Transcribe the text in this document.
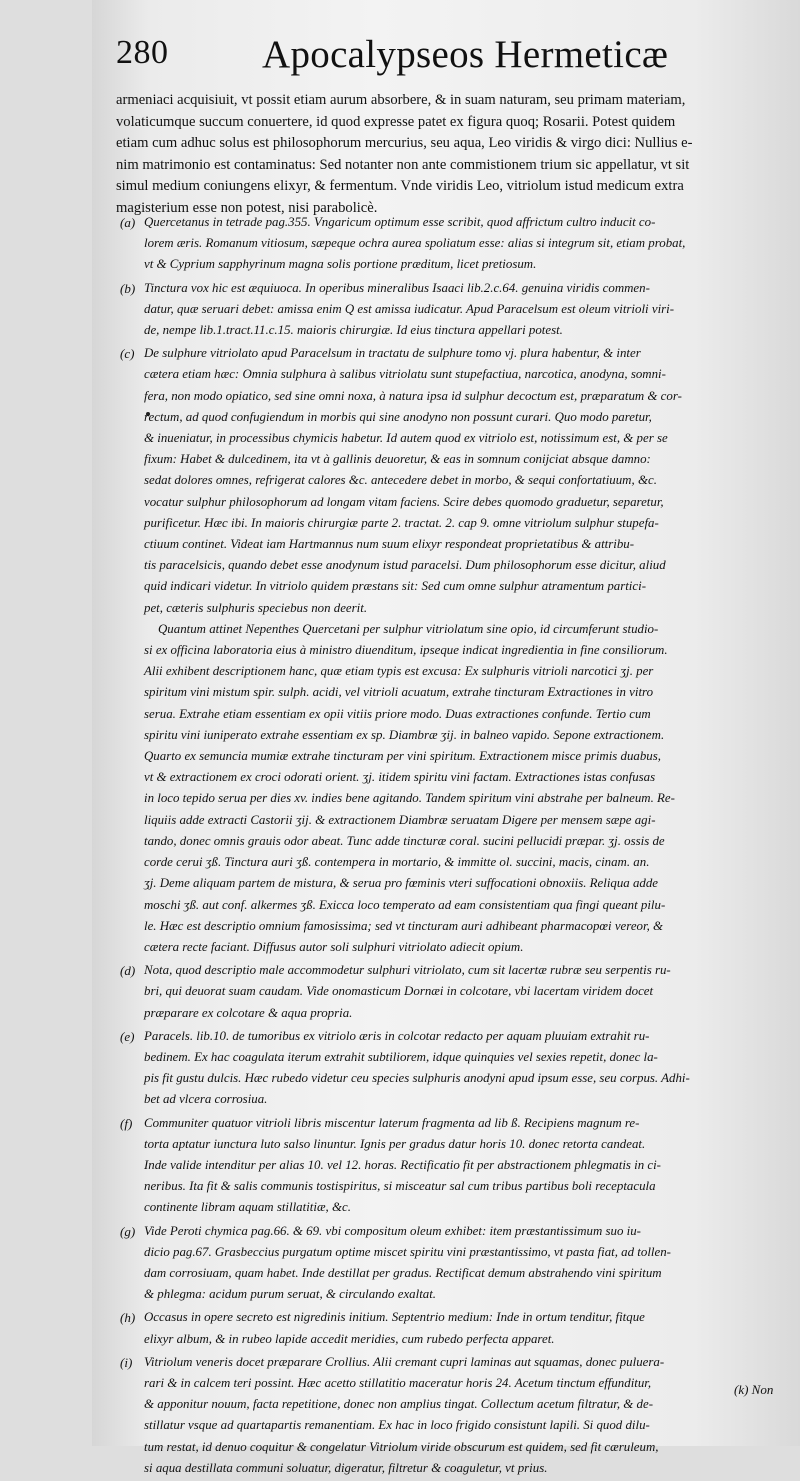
280 Apocalypseos Hermeticæ
armeniaci acquisiuit, vt possit etiam aurum absorbere, & in suam naturam, seu primam materiam,
volaticumque succum conuertere, id quod expresse patet ex figura quoq; Rosarii. Potest quidem
etiam cum adhuc solus est philosophorum mercurius, seu aqua, Leo viridis & virgo dici: Nullius e-
nim matrimonio est contaminatus: Sed notanter non ante commistionem trium sic appellatur, vt sit
simul medium coniungens elixyr, & fermentum. Vnde viridis Leo, vitriolum istud medicum extra
magisterium esse non potest, nisi parabolicè.
(a) Quercetanus in tetrade pag.355. Vngaricum optimum esse scribit, quod affrictum cultro inducit co-
lorem æris. Romanum vitiosum, sæpeque ochra aurea spoliatum esse: alias si integrum sit, etiam probat,
vt & Cyprium sapphyrinum magna solis portione præditum, licet pretiosum.
(b) Tinctura vox hic est æquiuoca. In operibus mineralibus Isaaci lib.2.c.64. genuina viridis commen-
datur, quæ seruari debet: amissa enim Q est amissa iudicatur. Apud Paracelsum est oleum vitrioli viri-
de, nempe lib.1.tract.11.c.15. maioris chirurgiæ. Id eius tinctura appellari potest.
(c) De sulphure vitriolato apud Paracelsum in tractatu de sulphure tomo vj. plura habentur, & inter
cætera etiam hæc: Omnia sulphura à salibus vitriolatu sunt stupefactiua, narcotica, anodyna, somni-
fera, non modo opiatico, sed sine omni noxa, à natura ipsa id sulphur decoctum est, præparatum & cor-
rectum, ad quod confugiendum in morbis qui sine anodyno non possunt curari. Quo modo paretur,
& inueniatur, in processibus chymicis habetur. Id autem quod ex vitriolo est, notissimum est, & per se
fixum: Habet & dulcedinem, ita vt à gallinis deuoretur, & eas in somnum conijciat absque damno:
sedat dolores omnes, refrigerat calores &c. antecedere debet in morbo, & sequi confortatiuum, &c.
vocatur sulphur philosophorum ad longam vitam faciens. Scire debes quomodo graduetur, separetur,
purificetur. Hæc ibi. In maioris chirurgiæ parte 2. tractat. 2. cap 9. omne vitriolum sulphur stupefa-
ctiuum continet. Videat iam Hartmannus num suum elixyr respondeat proprietatibus & attribu-
tis paracelsicis, quando debet esse anodynum istud paracelsi. Dum philosophorum esse dicitur, aliud
quid indicari videtur. In vitriolo quidem præstans sit: Sed cum omne sulphur atramentum partici-
pet, cæteris sulphuris speciebus non deerit.
Quantum attinet Nepenthes Quercetani per sulphur vitriolatum sine opio, id circumferunt studio-
si ex officina laboratoria eius à ministro diuenditum, ipseque indicat ingredientia in fine consiliorum.
Alii exhibent descriptionem hanc, quæ etiam typis est excusa: Ex sulphuris vitrioli narcotici ʒj. per
spiritum vini mistum spir. sulph. acidi, vel vitrioli acuatum, extrahe tincturam Extractiones in vitro
serua. Extrahe etiam essentiam ex opii vitiis priore modo. Duas extractiones confunde. Tertio cum
spiritu vini iuniperato extrahe essentiam ex sp. Diambræ ʒij. in balneo vapido. Sepone extractionem.
Quarto ex semuncia mumiæ extrahe tincturam per vini spiritum. Extractionem misce primis duabus,
vt & extractionem ex croci odorati orient. ʒj. itidem spiritu vini factam. Extractiones istas confusas
in loco tepido serua per dies xv. indies bene agitando. Tandem spiritum vini abstrahe per balneum. Re-
liquiis adde extracti Castorii ʒij. & extractionem Diambræ seruatam Digere per mensem sæpe agi-
tando, donec omnis grauis odor abeat. Tunc adde tincturæ coral. sucini pellucidi præpar. ʒj. ossis de
corde cerui ʒß. Tinctura auri ʒß. contempera in mortario, & immitte ol. succini, macis, cinam. an.
ʒj. Deme aliquam partem de mistura, & serua pro fœminis vteri suffocationi obnoxiis. Reliqua adde
moschi ʒß. aut conf. alkermes ʒß. Exicca loco temperato ad eam consistentiam qua fingi queant pilu-
le. Hæc est descriptio omnium famosissima; sed vt tincturam auri adhibeant pharmacopœi vereor, &
cætera recte faciant. Diffusus autor soli sulphuri vitriolato adiecit opium.
(d) Nota, quod descriptio male accommodetur sulphuri vitriolato, cum sit lacertæ rubræ seu serpentis ru-
bri, qui deuorat suam caudam. Vide onomasticum Dornæi in colcotare, vbi lacertam viridem docet
præparare ex colcotare & aqua propria.
(e) Paracels. lib.10. de tumoribus ex vitriolo æris in colcotar redacto per aquam pluuiam extrahit ru-
bedinem. Ex hac coagulata iterum extrahit subtiliorem, idque quinquies vel sexies repetit, donec la-
pis fit gustu dulcis. Hæc rubedo videtur ceu species sulphuris anodyni apud ipsum esse, seu corpus. Adhi-
bet ad vlcera corrosiua.
(f) Communiter quatuor vitrioli libris miscentur laterum fragmenta ad lib ß. Recipiens magnum re-
torta aptatur iunctura luto salso linuntur. Ignis per gradus datur horis 10. donec retorta candeat.
Inde valide intenditur per alias 10. vel 12. horas. Rectificatio fit per abstractionem phlegmatis in ci-
neribus. Ita fit & salis communis tostispiritus, si misceatur sal cum tribus partibus boli receptacula
continente libram aquam stillatitiæ, &c.
(g) Vide Peroti chymica pag.66. & 69. vbi compositum oleum exhibet: item præstantissimum suo iu-
dicio pag.67. Grasbeccius purgatum optime miscet spiritu vini præstantissimo, vt pasta fiat, ad tollen-
dam corrosiuam, quam habet. Inde destillat per gradus. Rectificat demum abstrahendo vini spiritum
& phlegma: acidum purum seruat, & circulando exaltat.
(h) Occasus in opere secreto est nigredinis initium. Septentrio medium: Inde in ortum tenditur, fitque
elixyr album, & in rubeo lapide accedit meridies, cum rubedo perfecta apparet.
(i) Vitriolum veneris docet præparare Crollius. Alii cremant cupri laminas aut squamas, donec puluera-
rari & in calcem teri possint. Hæc acetto stillatitio maceratur horis 24. Acetum tinctum effunditur,
& apponitur nouum, facta repetitione, donec non amplius tingat. Collectum acetum filtratur, & de-
stillatur vsque ad quartapartis remanentiam. Ex hac in loco frigido consistunt lapili. Si quod dilu-
tum restat, id denuo coquitur & congelatur Vitriolum viride obscurum est quidem, sed fit cæruleum,
si aqua destillata communi soluatur, digeratur, filtretur & coaguletur, vt prius.
(k) Non
